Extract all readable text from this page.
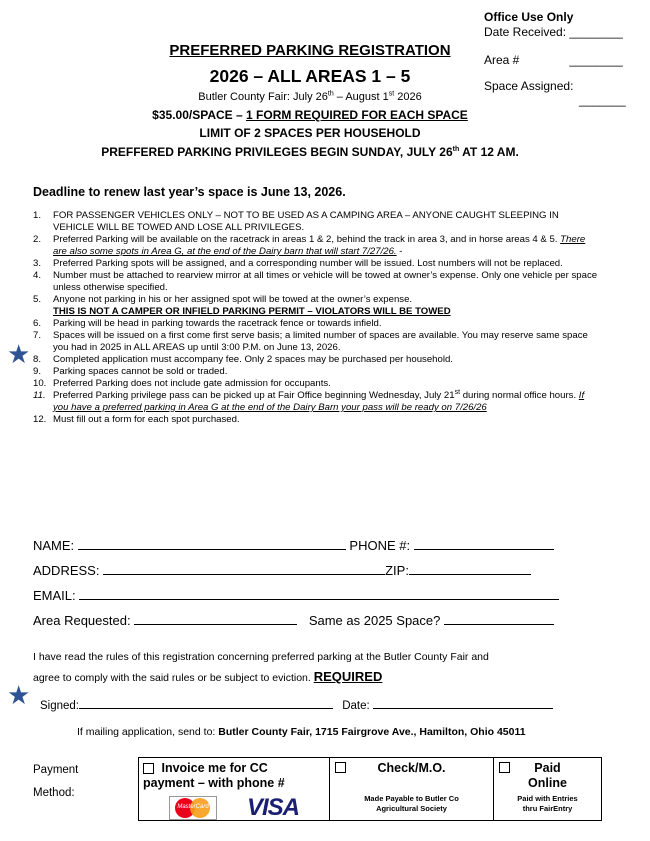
Office Use Only
Date Received: ________
Area #	________
Space Assigned:
_______
PREFERRED PARKING REGISTRATION
2026 – ALL AREAS 1 – 5
Butler County Fair: July 26th – August 1st 2026
$35.00/SPACE – 1 FORM REQUIRED FOR EACH SPACE
LIMIT OF 2 SPACES PER HOUSEHOLD
PREFFERED PARKING PRIVILEGES BEGIN SUNDAY, JULY 26th AT 12 AM.
Deadline to renew last year’s space is June 13, 2026.
1.	FOR PASSENGER VEHICLES ONLY – NOT TO BE USED AS A CAMPING AREA – ANYONE CAUGHT SLEEPING IN VEHICLE WILL BE TOWED AND LOSE ALL PRIVILEGES.
2.	Preferred Parking will be available on the racetrack in areas 1 & 2, behind the track in area 3, and in horse areas 4 & 5. There are also some spots in Area G, at the end of the Dairy barn that will start 7/27/26. -
3.	Preferred Parking spots will be assigned, and a corresponding number will be issued. Lost numbers will not be replaced.
4.	Number must be attached to rearview mirror at all times or vehicle will be towed at owner’s expense. Only one vehicle per space unless otherwise specified.
5.	Anyone not parking in his or her assigned spot will be towed at the owner’s expense.
THIS IS NOT A CAMPER OR INFIELD PARKING PERMIT – VIOLATORS WILL BE TOWED
6.	Parking will be head in parking towards the racetrack fence or towards infield.
7.	Spaces will be issued on a first come first serve basis; a limited number of spaces are available. You may reserve same space you had in 2025 in ALL AREAS up until 3:00 P.M. on June 13, 2026.
8.	Completed application must accompany fee. Only 2 spaces may be purchased per household.
9.	Parking spaces cannot be sold or traded.
10. Preferred Parking does not include gate admission for occupants.
11. Preferred Parking privilege pass can be picked up at Fair Office beginning Wednesday, July 21st during normal office hours. If you have a preferred parking in Area G at the end of the Dairy Barn your pass will be ready on 7/26/26
12. Must fill out a form for each spot purchased.
★
★
NAME:	PHONE #:
ADDRESS:	ZIP:
EMAIL:
Area Requested:	Same as 2025 Space?
I have read the rules of this registration concerning preferred parking at the Butler County Fair and
agree to comply with the said rules or be subject to eviction. REQUIRED
Signed:	Date:
If mailing application, send to: Butler County Fair, 1715 Fairgrove Ave., Hamilton, Ohio 45011
Payment
Method:
Invoice me for CC
payment – with phone #
MasterCard	VISA
Check/M.O.
Made Payable to Butler Co
Agricultural Society
Paid
Online
Paid with Entries
thru FairEntry
